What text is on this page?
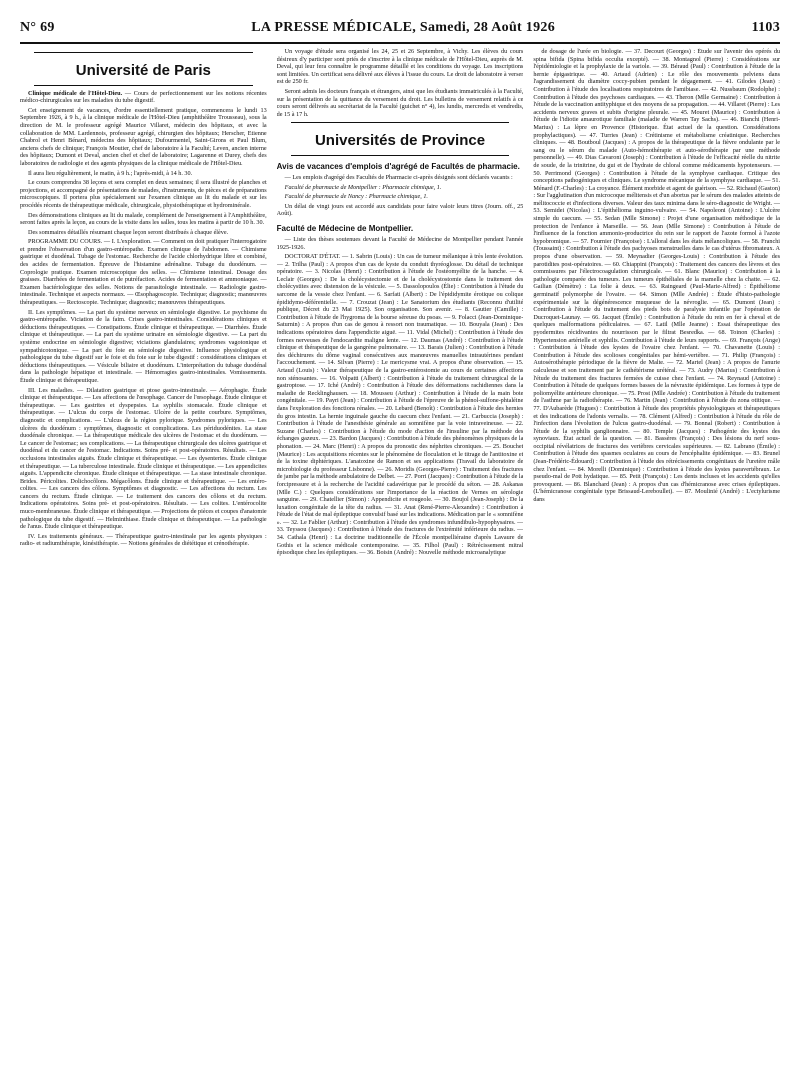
N° 69	LA PRESSE MÉDICALE, Samedi, 28 Août 1926	1103
Université de Paris

Clinique médicale de l'Hôtel-Dieu. — Cours de perfectionnement sur les notions récentes médico-chirurgicales sur les maladies du tube digestif.

Cet enseignement de vacances, d'ordre essentiellement pratique, commencera le lundi 13 Septembre 1926, à 9 h., à la clinique médicale de l'Hôtel-Dieu (amphithéâtre Trousseau), sous la direction de M. le professeur agrégé Maurice Villaret, médecin des hôpitaux, et avec la collaboration de MM. Lardennois, professeur agrégé, chirurgien des hôpitaux; Herscher, Etienne Chabrol et Henri Bénard, médecins des hôpitaux; Dufourmentel, Saint-Girons et Paul Blum, anciens chefs de clinique; François Moutier, chef de laboratoire à la Faculté; Leven, ancien interne des hôpitaux; Dumont et Deval, ancien chef et chef de laboratoire; Lagarenne et Durey, chefs des laboratoires de radiologie et des agents physiques de la clinique médicale de l'Hôtel-Dieu.

Il aura lieu régulièrement, le matin, à 9 h.; l'après-midi, à 14 h. 30.

Le cours comprendra 38 leçons et sera complet en deux semaines; il sera illustré de planches et projections, et accompagné de présentations de malades, d'instruments, de pièces et de préparations microscopiques. Il portera plus spécialement sur l'examen clinique au lit du malade et sur les procédés récents de thérapeutique médicale, chirurgicale, physiothérapique et hydrominérale.

Des démonstrations cliniques au lit du malade, complément de l'enseignement à l'Amphithéâtre, seront faites après la leçon, au cours de la visite dans les salles, tous les matins à partir de 10 h. 30.

Des sommaires détaillés résumant chaque leçon seront distribués à chaque élève.

PROGRAMME DU COURS. — I. L'exploration. — Comment on doit pratiquer l'interrogatoire et prendre l'observation d'un gastro-entéropathe. Examen clinique de l'abdomen. — Chimisme gastrique et duodénal. Tubage de l'estomac. Recherche de l'acide chlorhydrique libre et combiné, des acides de fermentation. Épreuve de l'histamine adrénaline. Tubage du duodénum. — Coprologie pratique. Examen microscopique des selles. — Chimisme intestinal. Dosage des graisses. Diarrhées de fermentation et de putréfaction. Acides de fermentation et ammoniaque. — Examen bactériologique des selles. Notions de parasitologie intestinale. — Radiologie gastro-intestinale. Technique et aspects normaux. — Œsophagoscopie. Technique; diagnostic; manœuvres thérapeutiques. — Rectoscopie. Technique; diagnostic; manœuvres thérapeutiques.

II. Les symptômes. — La part du système nerveux en sémiologie digestive. Le psychisme du gastro-entéropathe. Viciation de la faim. Crises gastro-intestinales. Considérations cliniques et déductions thérapeutiques. — Constipations. Étude clinique et thérapeutique. — Diarrhées. Étude clinique et thérapeutique. — La part du système urinaire en sémiologie digestive. — La part du système endocrine en sémiologie digestive; viciations glandulaires; syndromes vagotonique et sympathicotonique. — La part du foie en sémiologie digestive. Influence physiologique et pathologique du tube digestif sur le foie et du foie sur le tube digestif : considérations cliniques et déductions thérapeutiques. — Vésicule biliaire et duodénum. L'interprétation du tubage duodénal dans la pathologie hépatique et intestinale. — Hémorragies gastro-intestinales. Vomissements. Étude clinique et thérapeutique.

III. Les maladies. — Dilatation gastrique et ptose gastro-intestinale. — Aérophagie. Étude clinique et thérapeutique. — Les affections de l'œsophage. Cancer de l'œsophage. Étude clinique et thérapeutique. — Les gastrites et dyspepsies. La syphilis stomacale. Étude clinique et thérapeutique. — L'ulcus du corps de l'estomac. Ulcère de la petite courbure. Symptômes, diagnostic et complications. — L'ulcus de la région pylorique. Syndromes pyloriques. — Les ulcères du duodénum : symptômes, diagnostic et complications. Les périduodénites. La stase duodénale chronique. — La thérapeutique médicale des ulcères de l'estomac et du duodénum. — Le cancer de l'estomac; ses complications. — La thérapeutique chirurgicale des ulcères gastrique et duodénal et du cancer de l'estomac. Indications. Soins pré- et post-opératoires. Résultats. — Les occlusions intestinales aiguës. Étude clinique et thérapeutique. — Les dysenteries. Étude clinique et thérapeutique. — La tuberculose intestinale. Étude clinique et thérapeutique. — Les appendicites aiguës. L'appendicite chronique. Étude clinique et thérapeutique. — La stase intestinale chronique. Brides. Péricolites. Dolichocôlons. Mégacôlons. Étude clinique et thérapeutique. — Les entéro-colites. — Les cancers des côlons. Symptômes et diagnostic. — Les affections du rectum. Les cancers du rectum. Étude clinique. — Le traitement des cancers des côlons et du rectum. Indications opératoires. Soins pré- et post-opératoires. Résultats. — Les colites. L'entérocolite muco-membraneuse. Étude clinique et thérapeutique. — Projections de pièces et coupes d'anatomie pathologique du tube digestif. — Helminthiase. Étude clinique et thérapeutique. — La pathologie de l'anus. Étude clinique et thérapeutique.

IV. Les traitements généraux. — Thérapeutique gastro-intestinale par les agents physiques : radio- et radiumthérapie, kinésithérapie. — Notions générales de diététique et crénothérapie.

Un voyage d'étude sera organisé les 24, 25 et 26 Septembre, à Vichy. Les élèves du cours désireux d'y participer sont priés de s'inscrire à la clinique médicale de l'Hôtel-Dieu, auprès de M. Deval, qui leur fera connaître le programme détaillé et les conditions du voyage. Les inscriptions sont limitées. Un certificat sera délivré aux élèves à l'issue du cours. Le droit de laboratoire à verser est de 250 fr.

Seront admis les docteurs français et étrangers, ainsi que les étudiants immatriculés à la Faculté, sur la présentation de la quittance du versement du droit. Les bulletins de versement relatifs à ce cours seront délivrés au secrétariat de la Faculté (guichet n° 4), les lundis, mercredis et vendredis, de 15 à 17 h.

Universités de Province
Avis de vacances d'emplois d'agrégé de Facultés de pharmacie.

— Les emplois d'agrégé des Facultés de Pharmacie ci-après désignés sont déclarés vacants :

Faculté de pharmacie de Montpellier : Pharmacie chimique, 1.

Faculté de pharmacie de Nancy : Pharmacie chimique, 1.

Un délai de vingt jours est accordé aux candidats pour faire valoir leurs titres (Journ. off., 25 Août).

Faculté de Médecine de Montpellier.

— Liste des thèses soutenues devant la Faculté de Médecine de Montpellier pendant l'année 1925-1926.

DOCTORAT D'ÉTAT. — 1. Sabrin (Louis) : Un cas de tumeur mélanique à très lente évolution. — 2. Trilha (Paul) : A propos d'un cas de kyste du conduit thyréoglosse. Du détail de technique opératoire. — 3. Nicolas (Henri) : Contribution à l'étude de l'ostéomyélite de la hanche. — 4. Leclair (Georges) : De la cholécystectomie et de la cholécystostomie dans le traitement des cholécystites avec distension de la vésicule. — 5. Dassolopoulos (Élie) : Contribution à l'étude du sarcome de la vessie chez l'enfant. — 6. Sarfati (Albert) : De l'épididymite érotique ou colique épididymo-déférentielle. — 7. Crouzat (Jean) : Le Sanatorium des étudiants (Reconnu d'utilité publique, Décret du 23 Mai 1925). Son organisation. Son avenir. — 8. Gautier (Camille) : Contribution à l'étude de l'hygroma de la bourse séreuse du psoas. — 9. Folacci (Jean-Dominique-Saturnin) : A propos d'un cas de genou à ressort non traumatique. — 10. Bouyala (Jean) : Des indications opératoires dans l'appendicite aiguë. — 11. Vidal (Michel) : Contribution à l'étude des formes nerveuses de l'endocardite maligne lente. — 12. Daumas (André) : Contribution à l'étude clinique et thérapeutique de la gangrène pulmonaire. — 13. Barais (Julien) : Contribution à l'étude des déchirures du dôme vaginal consécutives aux manœuvres manuelles intrautérines pendant l'accouchement. — 14. Silvan (Pierre) : Le mericysme vrai. A propos d'une observation. — 15. Artaud (Louis) : Valeur thérapeutique de la gastro-entérostomie au cours de certaines affections non sténosantes. — 16. Volpatti (Albert) : Contribution à l'étude du traitement chirurgical de la gastroptose. — 17. Iché (André) : Contribution à l'étude des déformations rachidiennes dans la maladie de Recklinghausen. — 18. Mousseu (Arthur) : Contribution à l'étude de la main bote congénitale. — 19. Payri (Jean) : Contribution à l'étude de l'épreuve de la phénol-sulfone-phtaléine dans l'exploration des fonctions rénales. — 20. Lebard (Benoît) : Contribution à l'étude des hernies du gros intestin. La hernie inguinale gauche du caecum chez l'enfant. — 21. Carbuccia (Joseph) : Contribution à l'étude de l'anesthésie générale au somnifène par la voie intraveineuse. — 22. Suzane (Charles) : Contribution à l'étude du mode d'action de l'insuline par la méthode des échanges gazeux. — 23. Bardon (Jacques) : Contribution à l'étude des phénomènes physiques de la phonation. — 24. Marc (Henri) : A propos du pronostic des néphrites chroniques. — 25. Bouchet (Maurice) : Les acquisitions récentes sur le phénomène de floculation et le titrage de l'antitoxine et de la toxine diphtériques. L'anatoxine de Ramon et ses applications (Travail du laboratoire de microbiologie du professeur Lisbonne). — 26. Moridis (Georges-Pierre) : Traitement des fractures de jambe par la méthode ambulatoire de Delbet. — 27. Porri (Jacques) : Contribution à l'étude de la forcipressure et à la recherche de l'acidité cadavérique par le procédé du séton. — 28. Askanas (Mlle C.) : Quelques considérations sur l'importance de la réaction de Vernes en sérologie sanguine. — 29. Chatellier (Simon) : Appendicite et rougeole. — 30. Boujol (Jean-Joseph) : De la luxation congénitale de la tête du radius. — 31. Anat (René-Pierre-Alexandre) : Contribution à l'étude de l'état de mal épileptique convulsif basé sur les indications. Médication par le « somnifène ». — 32. Le Fablier (Arthur) : Contribution à l'étude des syndromes infundibulo-hypophysaires. — 33. Teyssou (Jacques) : Contribution à l'étude des fractures de l'extrémité inférieure du radius. — 34. Cathala (Henri) : La doctrine traditionnelle de l'École montpelliéraine d'après Lavaure de Gothis et la science médicale contemporaine. — 35. Filhol (Paul) : Rétrécissement mitral épisodique chez les épileptiques. — 36. Boisin (André) : Nouvelle méthode microanalytique

de dosage de l'urée en biologie. — 37. Decourt (Georges) : Étude sur l'avenir des opérés du spina bifida (Spina bifida occulta excepté). — 38. Montagnol (Pierre) : Considérations sur l'épidémiologie et la prophylaxie de la variole. — 39. Béraud (Paul) : Contribution à l'étude de la hernie épigastrique. — 40. Artaud (Adrien) : Le rôle des mouvements pelviens dans l'agrandissement du diamètre coccy-pubien pendant le dégagement. — 41. Gilodes (Jean) : Contribution à l'étude des localisations respiratoires de l'amibiase. — 42. Nussbaum (Rodolphe) : Contribution à l'étude des psychoses cardiaques. — 43. Theron (Mlle Germaine) : Contribution à l'étude de la vaccination antityphique et des moyens de sa propagation. — 44. Villaret (Pierre) : Les accidents nerveux graves et subits d'origine pleurale. — 45. Mouret (Maurice) : Contribution à l'étude de l'idiotie amaurotique familiale (maladie de Warren Tay Sachs). — 46. Bianchi (Henri-Marius) : La lèpre en Provence (Historique. État actuel de la question. Considérations prophylactiques). — 47. Turries (Jean) : Crétinisme et métabolisme créatinique. Recherches cliniques. — 48. Boutboul (Jacques) : A propos de la thérapeutique de la fièvre ondulante par le sang ou le sérum du malade (Auto-hémothérapie et auto-sérothérapie par une méthode personnelle). — 49. Dias Cavaroni (Joseph) : Contribution à l'étude de l'efficacité réelle du nitrite de soude, de la trinitrine, du gui et de l'hydrate de chloral comme médicaments hypotenseurs. — 50. Perrimond (Georges) : Contribution à l'étude de la symphyse cardiaque. Critique des conceptions pathogéniques et cliniques. Le syndrome mécanique de la symphyse cardiaque. — 51. Ménard (F.-Charles) : La croyance. Élément morbide et agent de guérison. — 52. Richaud (Gaston) : Sur l'agglutination d'un microcoque mélitensis et d'un abortus par le sérum des malades atteints de mélitococcie et d'infections diverses. Valeur des taux minima dans le séro-diagnostic de Wright. — 53. Semidei (Nicolas) : L'épithélioma inguino-vulvaire. — 54. Napoleoni (Antoine) : L'ulcère simple du caecum. — 55. Sedan (Mlle Simone) : Projet d'une organisation méthodique de la protection de l'enfance à Marseille. — 56. Jean (Mlle Simone) : Contribution à l'étude de l'influence de la fonction ammonio-productrice du rein sur le rapport de l'azote formol à l'azote hypobromique. — 57. Fournier (Françoise) : L'alloral dans les états mélancoliques. — 58. Franchi (Toussaint) : Contribution à l'étude des pachyoses menstruelles dans le cas d'utérus fibromateux. A propos d'une observation. — 59. Meynadier (Georges-Louis) : Contribution à l'étude des parotidites post-opératoires. — 60. Chiappini (François) : Traitement des cancers des lèvres et des commissures par l'électrocoagulation chirurgicale. — 61. Blanc (Maurice) : Contribution à la pathologie comparée des tumeurs. Les tumeurs épithéliales de la mamelle chez la chatte. — 62. Gailian (Démètre) : La folie à deux. — 63. Raingeard (Paul-Marie-Alfred) : Épithéliome germinatif polymorphe de l'ovaire. — 64. Simon (Mlle Andrée) : Étude d'histo-pathologie expérimentale sur la dégénérescence muqueuse de la névroglie. — 65. Dumont (Jean) : Contribution à l'étude du traitement des pieds bots de paralysie infantile par l'opération de Ducroquet-Launay. — 66. Jacquet (Émile) : Contribution à l'étude du rein en fer à cheval et de quelques malformations pédiculaires. — 67. Latil (Mlle Jeanne) : Essai thérapeutique des pyodermites récidivantes du nourrisson par le filtrat Besredka. — 68. Toinon (Charles) : Hypertension artérielle et syphilis. Contribution à l'étude de leurs rapports. — 69. François (Ange) : Contribution à l'étude des kystes de l'ovaire chez l'enfant. — 70. Chavanette (Louis) : Contribution à l'étude des scolioses congénitales par hémi-vertèbre. — 71. Philip (François) : Autosérothérapie périodique de la fièvre de Malte. — 72. Martel (Jean) : A propos de l'anurie calculeuse et son traitement par le cathétérisme urétéral. — 73. Audry (Marius) : Contribution à l'étude du traitement des fractures fermées de cuisse chez l'enfant. — 74. Reynaud (Antoine) : Contribution à l'étude de quelques formes basses de la névraxite épidémique. Les formes à type de poliomyélite antérieure chronique. — 75. Prost (Mlle Andrée) : Contribution à l'étude du traitement de l'asthme par la radiothérapie. — 76. Martin (Jean) : Contribution à l'étude du zona otitique. — 77. D'Aubarède (Hugues) : Contribution à l'étude des propriétés physiologiques et thérapeutiques et des indications de l'adonis vernalis. — 78. Clément (Alfred) : Contribution à l'étude du rôle de l'infection dans l'évolution de l'ulcus gastro-duodénal. — 79. Bonnal (Robert) : Contribution à l'étude de la syphilis ganglionnaire. — 80. Temple (Jacques) : Pathogénie des kystes des synoviaux. État actuel de la question. — 81. Bassères (François) : Des lésions du nerf sous-occipital révélatrices de fractures des vertèbres cervicales supérieures. — 82. Labrano (Émile) : Contribution à l'étude des spasmes oculaires au cours de l'encéphalite épidémique. — 83. Brunel (Jean-Frédéric-Édouard) : Contribution à l'étude des rétrécissements congénitaux de l'uretère mâle chez l'enfant. — 84. Morelli (Dominique) : Contribution à l'étude des kystes paravertébraux. Le pseudo-mal de Pott hydatique. — 85. Petit (François) : Les dents incluses et les accidents qu'elles provoquent. — 86. Blanchard (Jean) : A propos d'un cas d'hémicranose avec crises épileptiques. (L'hémicranose congénitale type Brissaud-Lereboullet). — 87. Moulinié (André) : L'ectylurisme dans
